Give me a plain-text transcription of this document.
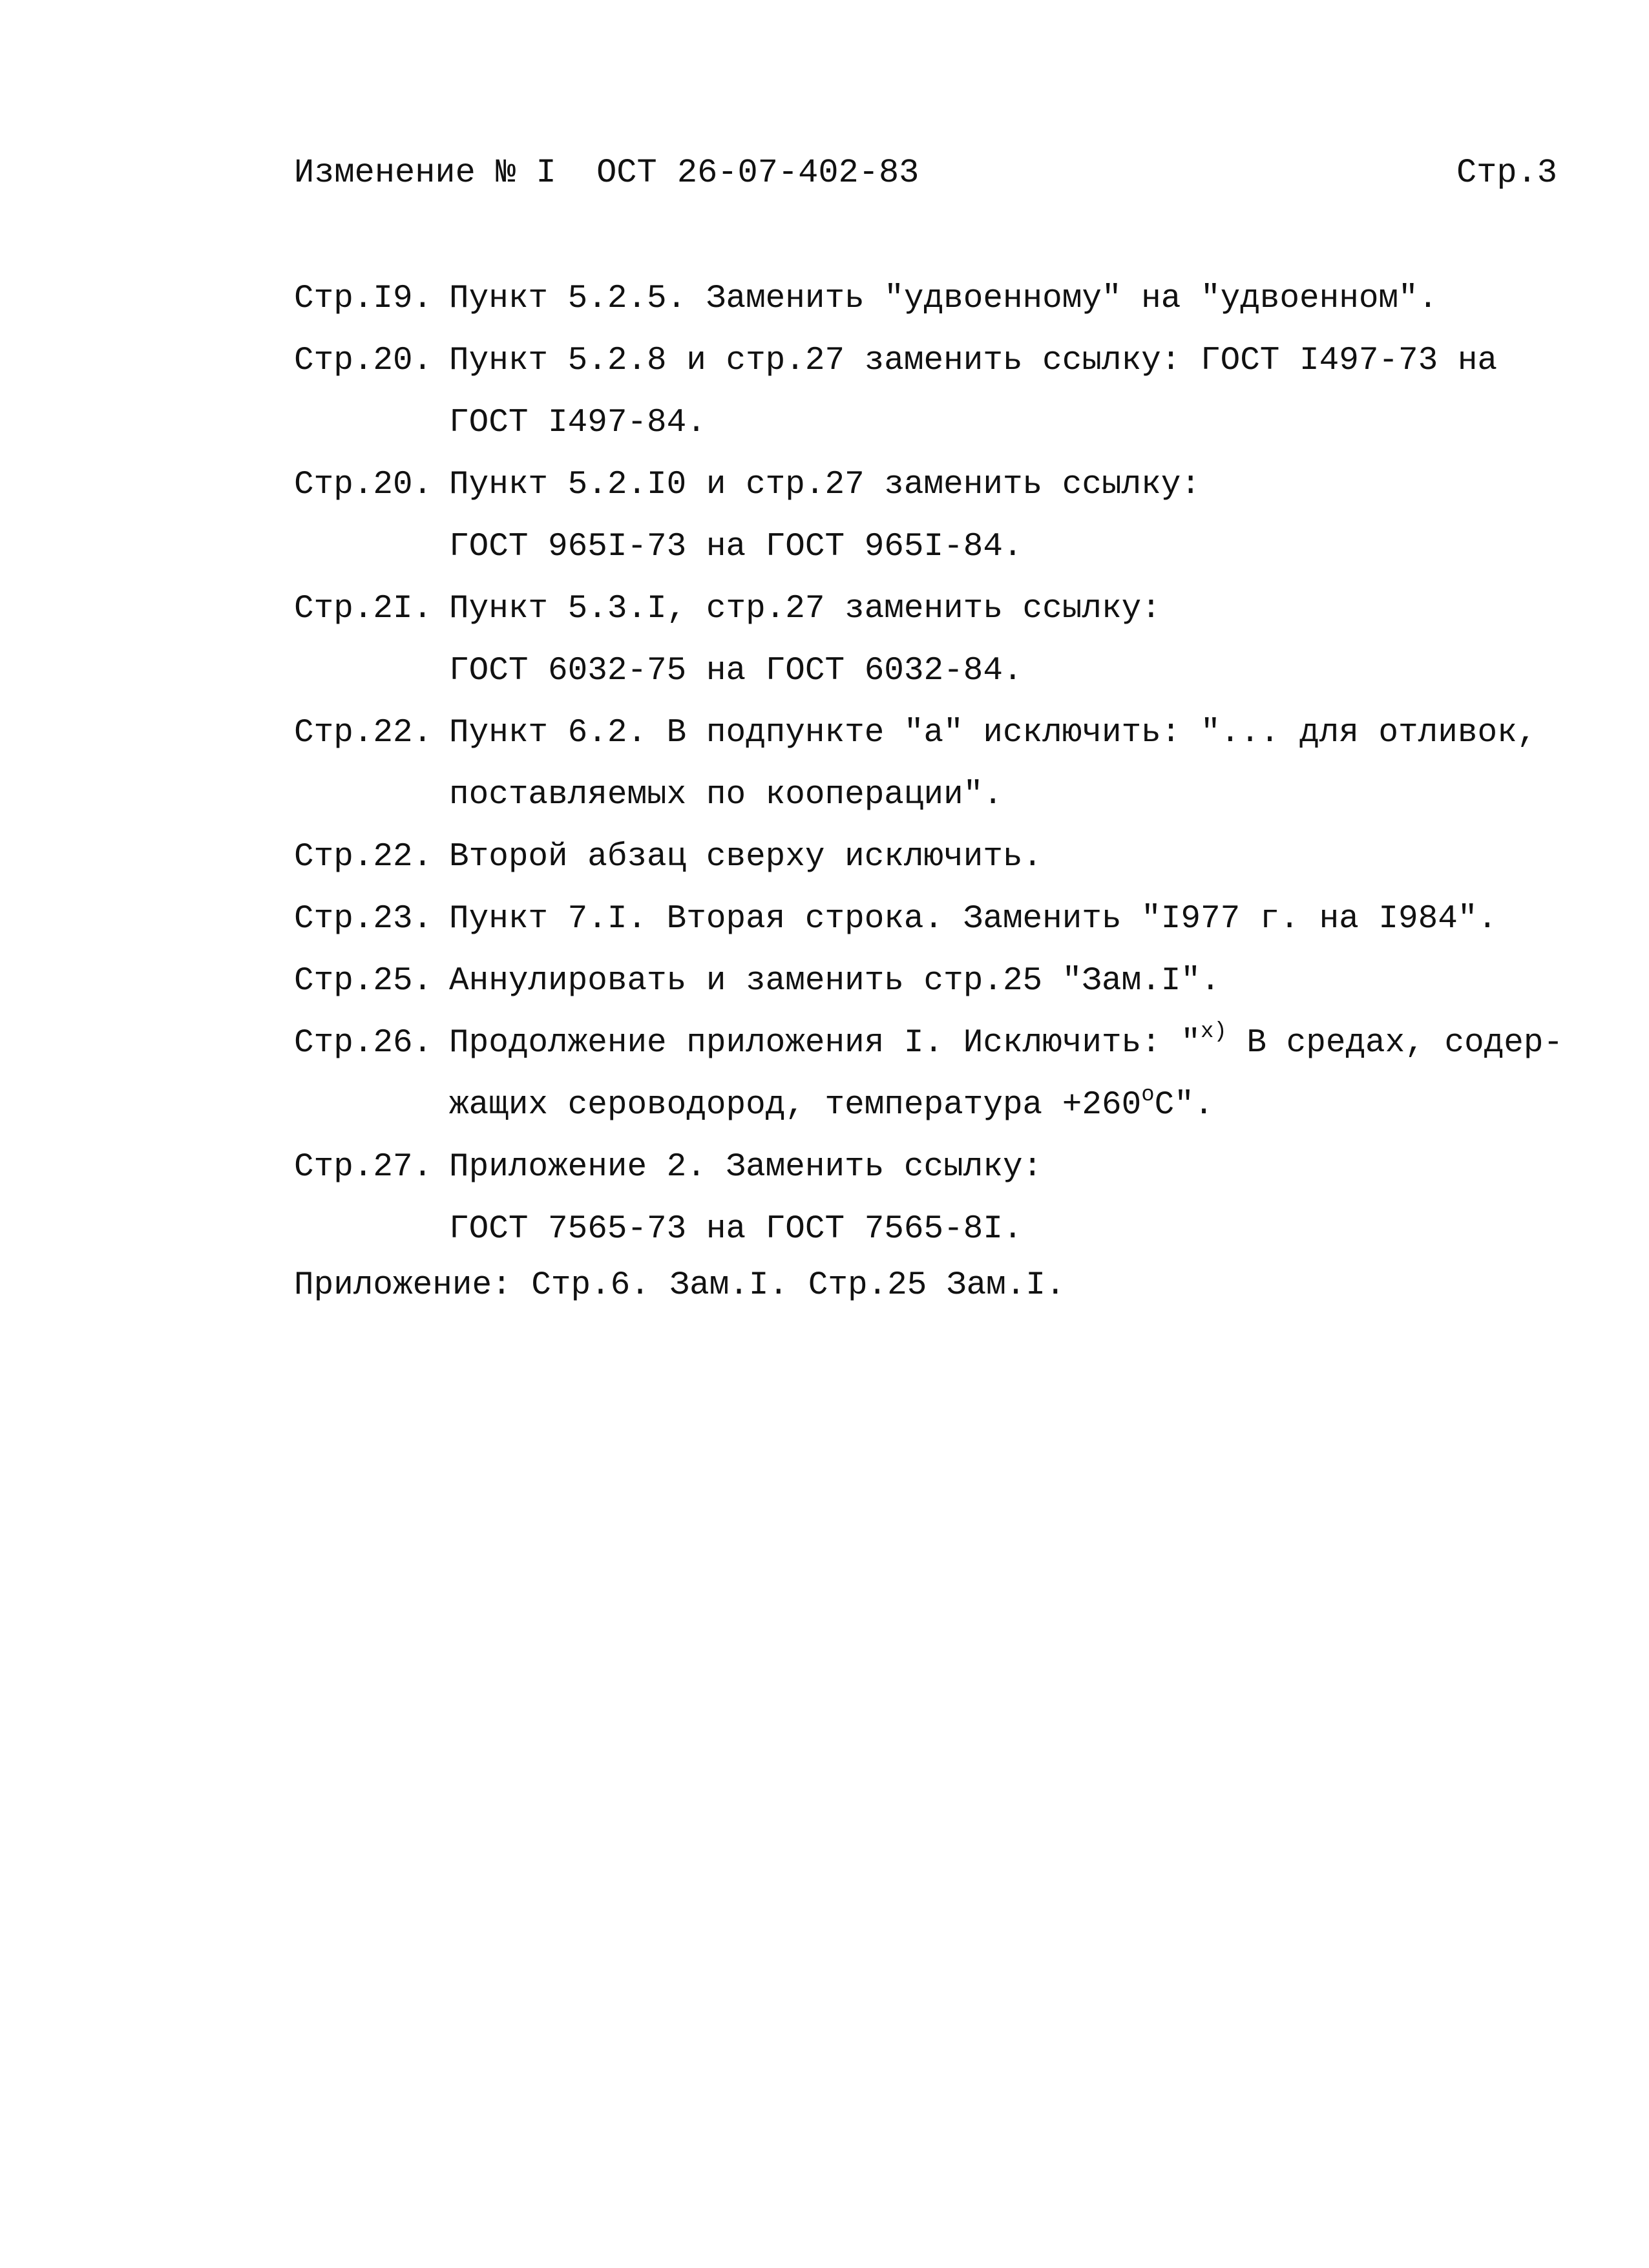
Изменение № I  ОСТ 26-07-402-83	Стр.3
Стр.I9. Пункт 5.2.5. Заменить "удвоенному" на "удвоенном".

Стр.20. Пункт 5.2.8 и стр.27 заменить ссылку: ГОСТ I497-73 на
ГОСТ I497-84.

Стр.20. Пункт 5.2.I0 и стр.27 заменить ссылку:
ГОСТ 965I-73 на ГОСТ 965I-84.

Стр.2I. Пункт 5.3.I, стр.27 заменить ссылку:
ГОСТ 6032-75 на ГОСТ 6032-84.

Стр.22. Пункт 6.2. В подпункте "а" исключить: "... для отливок,
поставляемых по кооперации".

Стр.22. Второй абзац сверху исключить.

Стр.23. Пункт 7.I. Вторая строка. Заменить "I977 г. на I984".

Стр.25. Аннулировать и заменить стр.25 "Зам.I".

Стр.26. Продолжение приложения I. Исключить: "$^{х)}$ В средах, содер-
жащих сероводород, температура $+260^оС$".

Стр.27. Приложение 2. Заменить ссылку:
ГОСТ 7565-73 на ГОСТ 7565-8I.

Приложение: Стр.6. Зам.I. Стр.25 Зам.I.
